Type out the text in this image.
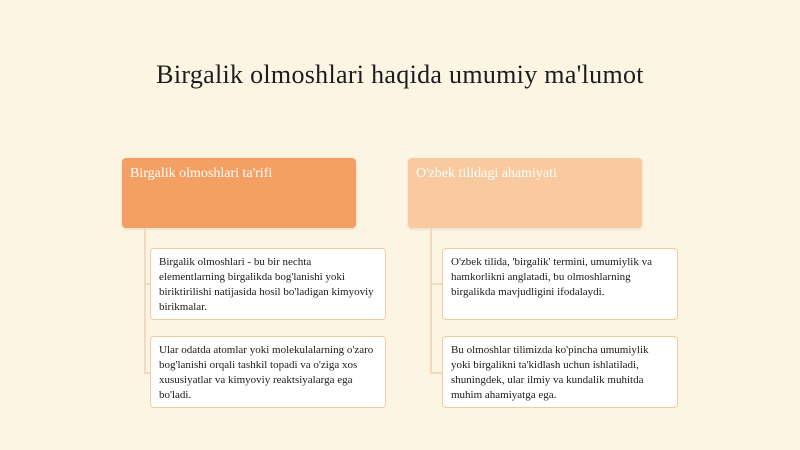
Birgalik olmoshlari haqida umumiy ma'lumot
Birgalik olmoshlari ta'rifi
Birgalik olmoshlari - bu bir nechta elementlarning birgalikda bog'lanishi yoki biriktirilishi natijasida hosil bo'ladigan kimyoviy birikmalar.
Ular odatda atomlar yoki molekulalarning o'zaro bog'lanishi orqali tashkil topadi va o'ziga xos xususiyatlar va kimyoviy reaktsiyalarga ega bo'ladi.
O'zbek tilidagi ahamiyati
O'zbek tilida, 'birgalik' termini, umumiylik va hamkorlikni anglatadi, bu olmoshlarning birgalikda mavjudligini ifodalaydi.
Bu olmoshlar tilimizda ko'pincha umumiylik yoki birgalikni ta'kidlash uchun ishlatiladi, shuningdek, ular ilmiy va kundalik muhitda muhim ahamiyatga ega.
